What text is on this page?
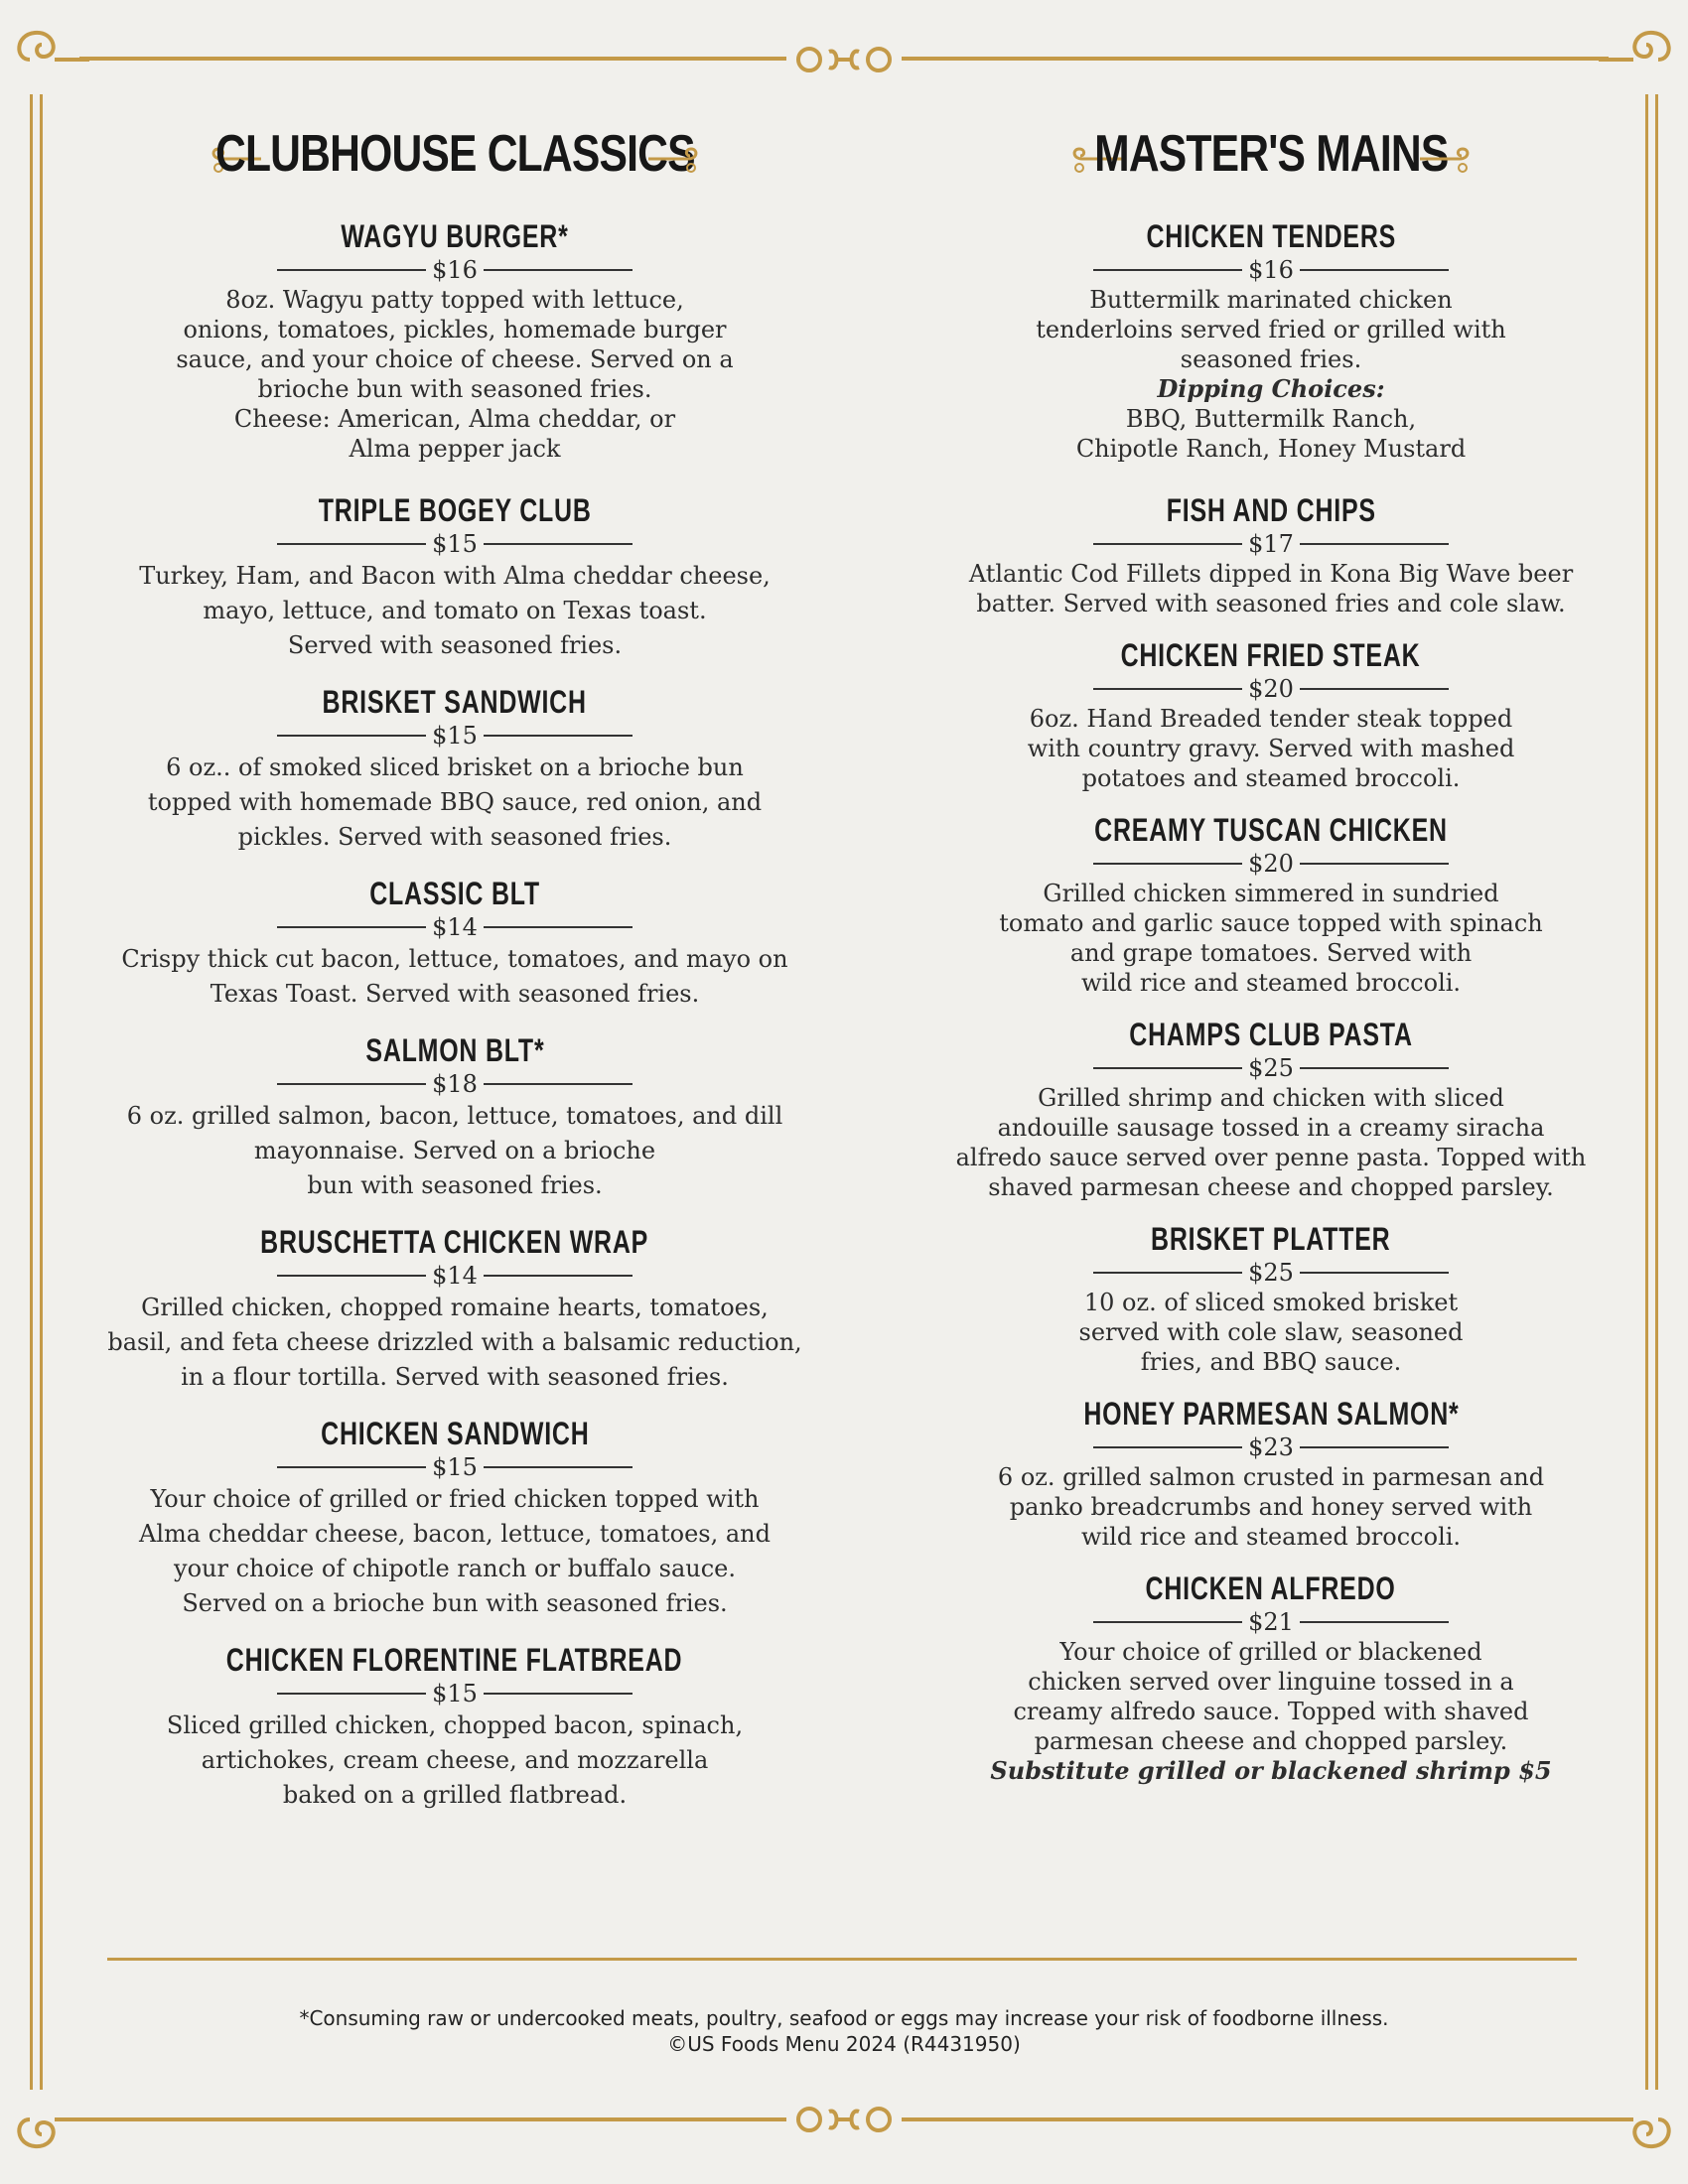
CLUBHOUSE CLASSICS
WAGYU BURGER*
$16
8oz. Wagyu patty topped with lettuce,
onions, tomatoes, pickles, homemade burger
sauce, and your choice of cheese. Served on a
brioche bun with seasoned fries.
Cheese: American, Alma cheddar, or
Alma pepper jack
TRIPLE BOGEY CLUB
$15
Turkey, Ham, and Bacon with Alma cheddar cheese,
mayo, lettuce, and tomato on Texas toast.
Served with seasoned fries.
BRISKET SANDWICH
$15
6 oz.. of smoked sliced brisket on a brioche bun
topped with homemade BBQ sauce, red onion, and
pickles. Served with seasoned fries.
CLASSIC BLT
$14
Crispy thick cut bacon, lettuce, tomatoes, and mayo on
Texas Toast. Served with seasoned fries.
SALMON BLT*
$18
6 oz. grilled salmon, bacon, lettuce, tomatoes, and dill
mayonnaise. Served on a brioche
bun with seasoned fries.
BRUSCHETTA CHICKEN WRAP
$14
Grilled chicken, chopped romaine hearts, tomatoes,
basil, and feta cheese drizzled with a balsamic reduction,
in a flour tortilla. Served with seasoned fries.
CHICKEN SANDWICH
$15
Your choice of grilled or fried chicken topped with
Alma cheddar cheese, bacon, lettuce, tomatoes, and
your choice of chipotle ranch or buffalo sauce.
Served on a brioche bun with seasoned fries.
CHICKEN FLORENTINE FLATBREAD
$15
Sliced grilled chicken, chopped bacon, spinach,
artichokes, cream cheese, and mozzarella
baked on a grilled flatbread.
MASTER'S MAINS
CHICKEN TENDERS
$16
Buttermilk marinated chicken
tenderloins served fried or grilled with
seasoned fries.
Dipping Choices:
BBQ, Buttermilk Ranch,
Chipotle Ranch, Honey Mustard
FISH AND CHIPS
$17
Atlantic Cod Fillets dipped in Kona Big Wave beer
batter. Served with seasoned fries and cole slaw.
CHICKEN FRIED STEAK
$20
6oz. Hand Breaded tender steak topped
with country gravy. Served with mashed
potatoes and steamed broccoli.
CREAMY TUSCAN CHICKEN
$20
Grilled chicken simmered in sundried
tomato and garlic sauce topped with spinach
and grape tomatoes. Served with
wild rice and steamed broccoli.
CHAMPS CLUB PASTA
$25
Grilled shrimp and chicken with sliced
andouille sausage tossed in a creamy siracha
alfredo sauce served over penne pasta. Topped with
shaved parmesan cheese and chopped parsley.
BRISKET PLATTER
$25
10 oz. of sliced smoked brisket
served with cole slaw, seasoned
fries, and BBQ sauce.
HONEY PARMESAN SALMON*
$23
6 oz. grilled salmon crusted in parmesan and
panko breadcrumbs and honey served with
wild rice and steamed broccoli.
CHICKEN ALFREDO
$21
Your choice of grilled or blackened
chicken served over linguine tossed in a
creamy alfredo sauce. Topped with shaved
parmesan cheese and chopped parsley.
Substitute grilled or blackened shrimp $5
*Consuming raw or undercooked meats, poultry, seafood or eggs may increase your risk of foodborne illness.
©US Foods Menu 2024 (R4431950)
